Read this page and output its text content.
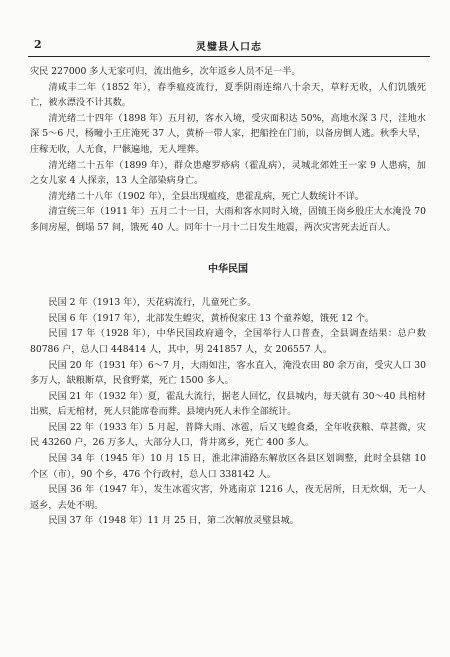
2	灵璧县人口志

灾民 227000 多人无家可归，流出他乡，次年返乡人员不足一半。

清咸丰二年（1852 年），春季瘟疫流行，夏季阴雨连绵八十余天，草籽无收，人们饥饿死亡，被水漂没不计其数。

清光绪二十四年（1898 年）五月初，客水入境，受灾面积达 50%，高地水深 3 尺，洼地水深 5～6 尺，杨疃小王庄淹死 37 人，黄桥一带人家，把船拴在门前，以备房倒人逃。秋季大旱，庄稼无收，人无食，尸骸遍地，无人埋葬。

清光绪二十五年（1899 年），群众患瘪罗痧病（霍乱病），灵城北郊姓王一家 9 人患病，加之女儿家 4 人探亲，13 人全部染病身亡。

清光绪二十八年（1902 年），全县出现瘟疫，患霍乱病，死亡人数统计不详。

清宣统三年（1911 年）五月二十一日，大雨和客水同时入境，固镇王岗乡殷庄大水淹没 70 多间房屋，倒塌 57 间，饿死 40 人。同年十一月十二日发生地震，两次灾害死去近百人。

中华民国

民国 2 年（1913 年），天花病流行，儿童死亡多。

民国 6 年（1917 年），北部发生蝗灾，黄桥倪家庄 13 个童养媳，饿死 12 个。

民国 17 年（1928 年），中华民国政府通令，全国举行人口普查，全县调查结果：总户数 80786 户，总人口 448414 人，其中，男 241857 人，女 206557 人。

民国 20 年（1931 年）6～7 月，大雨如注，客水直入，淹没农田 80 余万亩，受灾人口 30 多万人，缺粮断草，民食野菜，死亡 1500 多人。

民国 21 年（1932 年）夏，霍乱大流行，据老人回忆，仅县城内，每天就有 30～40 具棺材出殡，后无棺材，死人只能席卷而葬。县境内死人未作全部统计。

民国 22 年（1933 年）5 月起，普降大雨、冰雹，后又飞蝗食桑，全年收获粮、草甚微，灾民 43260 户，26 万多人，大部分人口，背井离乡，死亡 400 多人。

民国 34 年（1945 年）10 月 15 日，淮北津浦路东解放区各县区划调整，此时全县辖 10 个区（市），90 个乡，476 个行政村，总人口 338142 人。

民国 36 年（1947 年），发生冰雹灾害，外逃南京 1216 人，夜无居所，日无炊烟，无一人返乡，去处不明。

民国 37 年（1948 年）11 月 25 日，第二次解放灵璧县城。
